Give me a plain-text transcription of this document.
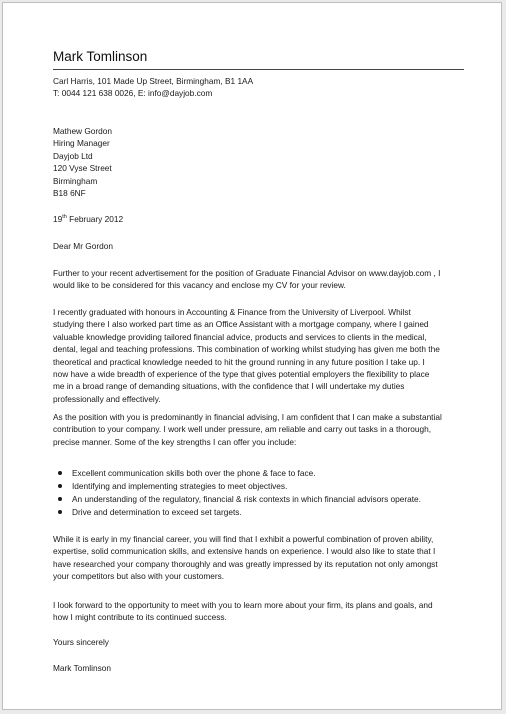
Mark Tomlinson
Carl Harris, 101 Made Up Street, Birmingham, B1 1AA
T: 0044 121 638 0026, E: info@dayjob.com
Mathew Gordon
Hiring Manager
Dayjob Ltd
120 Vyse Street
Birmingham
B18 6NF
19th February 2012
Dear Mr Gordon
Further to your recent advertisement for the position of Graduate Financial Advisor on www.dayjob.com , I
would like to be considered for this vacancy and enclose my CV for your review.
I recently graduated with honours in Accounting & Finance from the University of Liverpool. Whilst
studying there I also worked part time as an Office Assistant with a mortgage company, where I gained
valuable knowledge providing tailored financial advice, products and services to clients in the medical,
dental, legal and teaching professions. This combination of working whilst studying has given me both the
theoretical and practical knowledge needed to hit the ground running in any future position I take up. I
now have a wide breadth of experience of the type that gives potential employers the flexibility to place
me in a broad range of demanding situations, with the confidence that I will undertake my duties
professionally and effectively.
As the position with you is predominantly in financial advising, I am confident that I can make a substantial
contribution to your company. I work well under pressure, am reliable and carry out tasks in a thorough,
precise manner. Some of the key strengths I can offer you include:
Excellent communication skills both over the phone & face to face.
Identifying and implementing strategies to meet objectives.
An understanding of the regulatory, financial & risk contexts in which financial advisors operate.
Drive and determination to exceed set targets.
While it is early in my financial career, you will find that I exhibit a powerful combination of proven ability,
expertise, solid communication skills, and extensive hands on experience. I would also like to state that I
have researched your company thoroughly and was greatly impressed by its reputation not only amongst
your competitors but also with your customers.
I look forward to the opportunity to meet with you to learn more about your firm, its plans and goals, and
how I might contribute to its continued success.
Yours sincerely
Mark Tomlinson
